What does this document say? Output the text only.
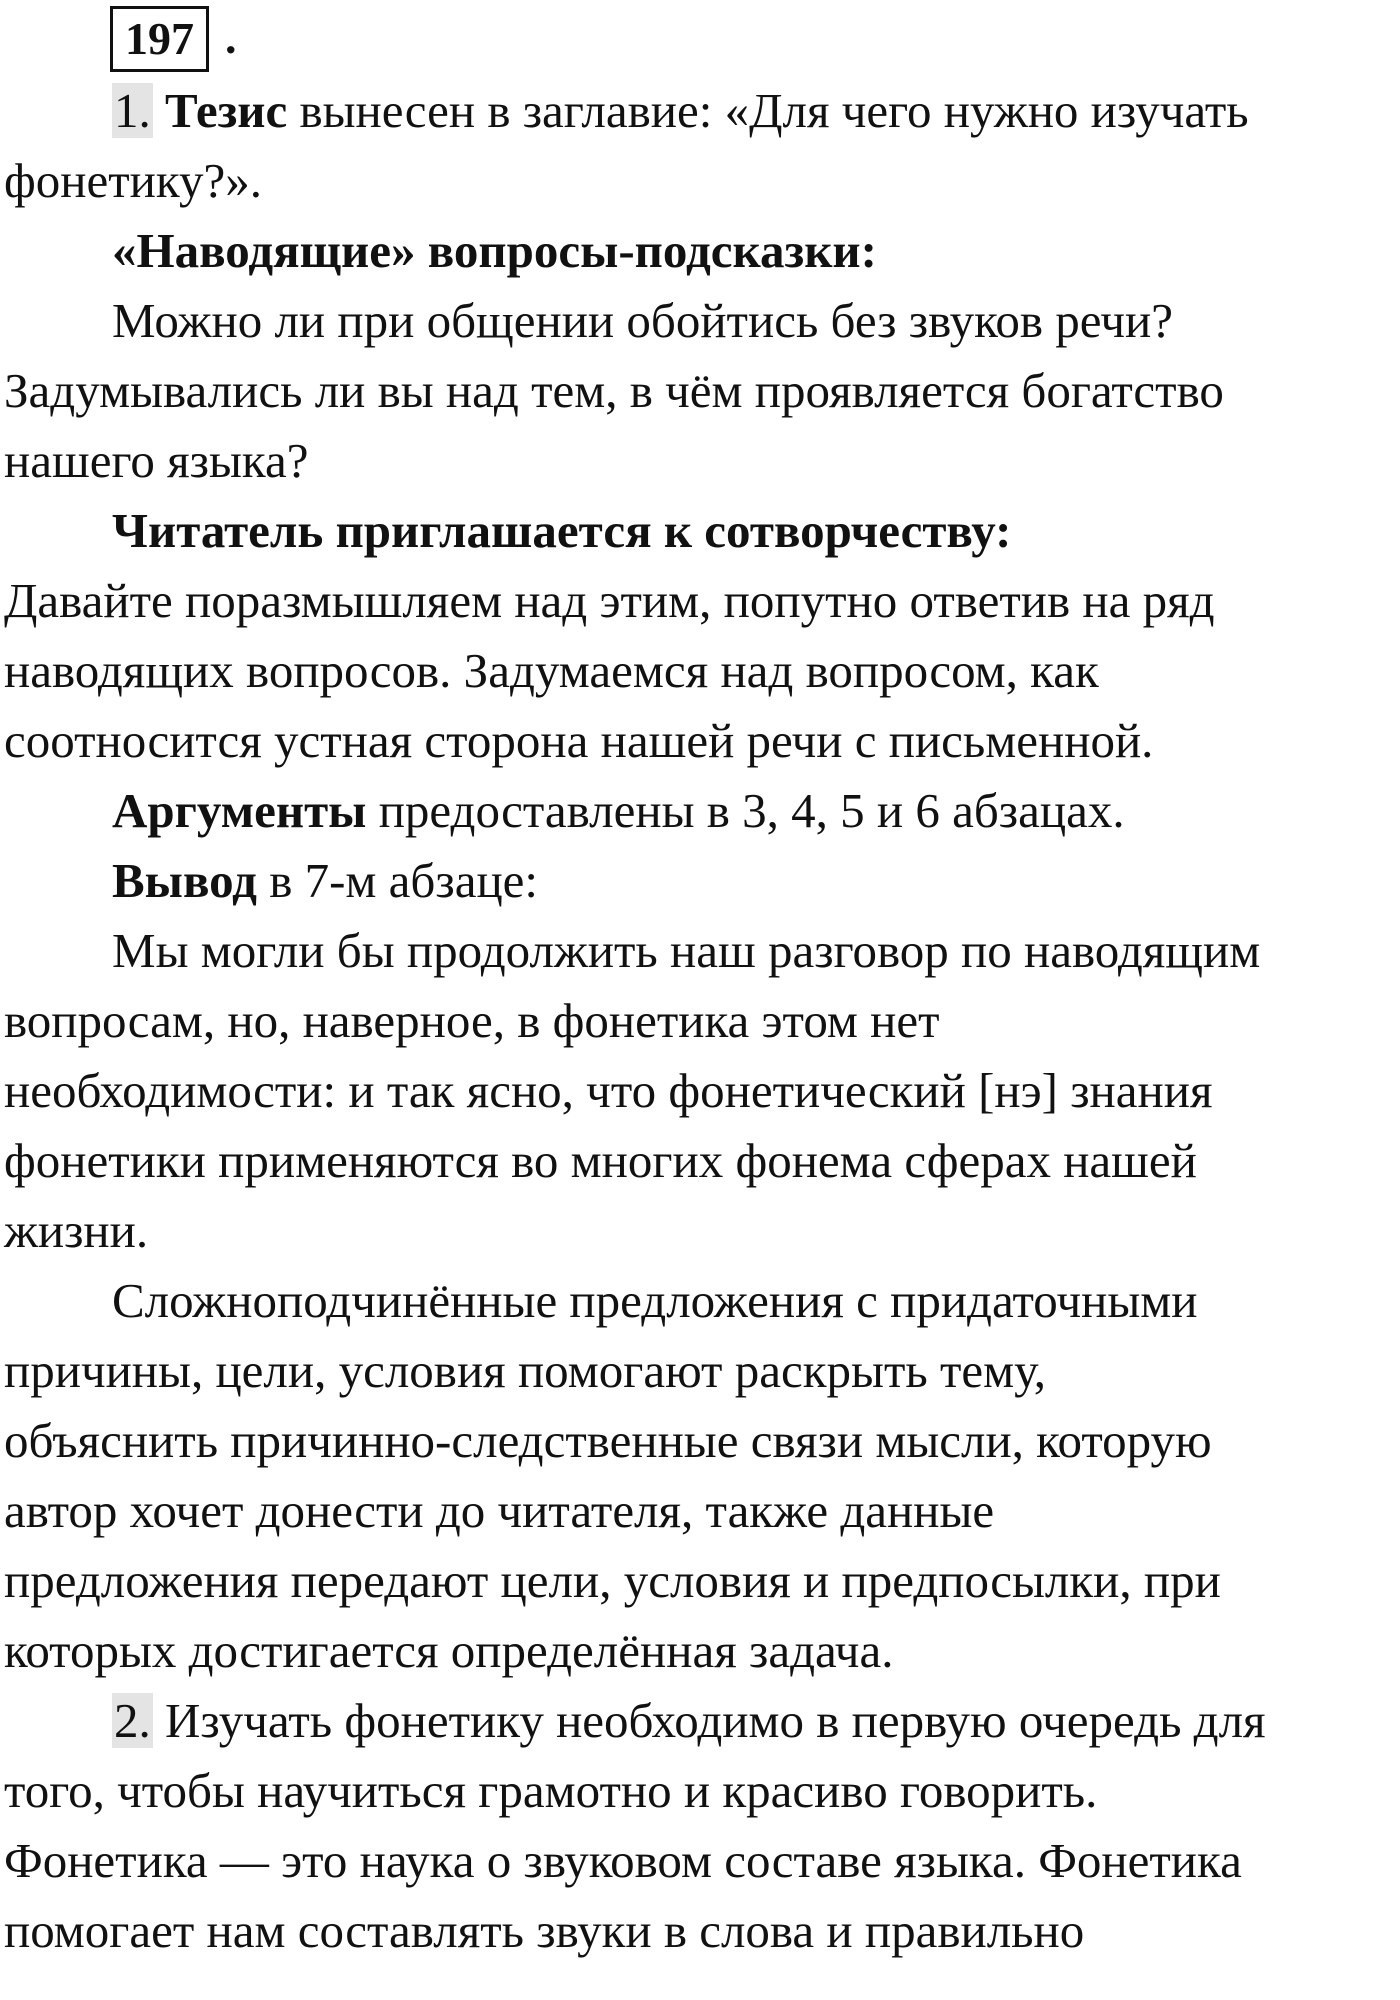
197 .

1. Тезис вынесен в заглавие: «Для чего нужно изучать

фонетику?».

«Наводящие» вопросы-подсказки:

Можно ли при общении обойтись без звуков речи?

Задумывались ли вы над тем, в чём проявляется богатство

нашего языка?

Читатель приглашается к сотворчеству:

Давайте поразмышляем над этим, попутно ответив на ряд

наводящих вопросов. Задумаемся над вопросом, как

соотносится устная сторона нашей речи с письменной.

Аргументы предоставлены в 3, 4, 5 и 6 абзацах.

Вывод в 7-м абзаце:

Мы могли бы продолжить наш разговор по наводящим

вопросам, но, наверное, в фонетика этом нет

необходимости: и так ясно, что фонетический [нэ] знания

фонетики применяются во многих фонема сферах нашей

жизни.

Сложноподчинённые предложения с придаточными

причины, цели, условия помогают раскрыть тему,

объяснить причинно-следственные связи мысли, которую

автор хочет донести до читателя, также данные

предложения передают цели, условия и предпосылки, при

которых достигается определённая задача.

2. Изучать фонетику необходимо в первую очередь для

того, чтобы научиться грамотно и красиво говорить.

Фонетика — это наука о звуковом составе языка. Фонетика

помогает нам составлять звуки в слова и правильно
